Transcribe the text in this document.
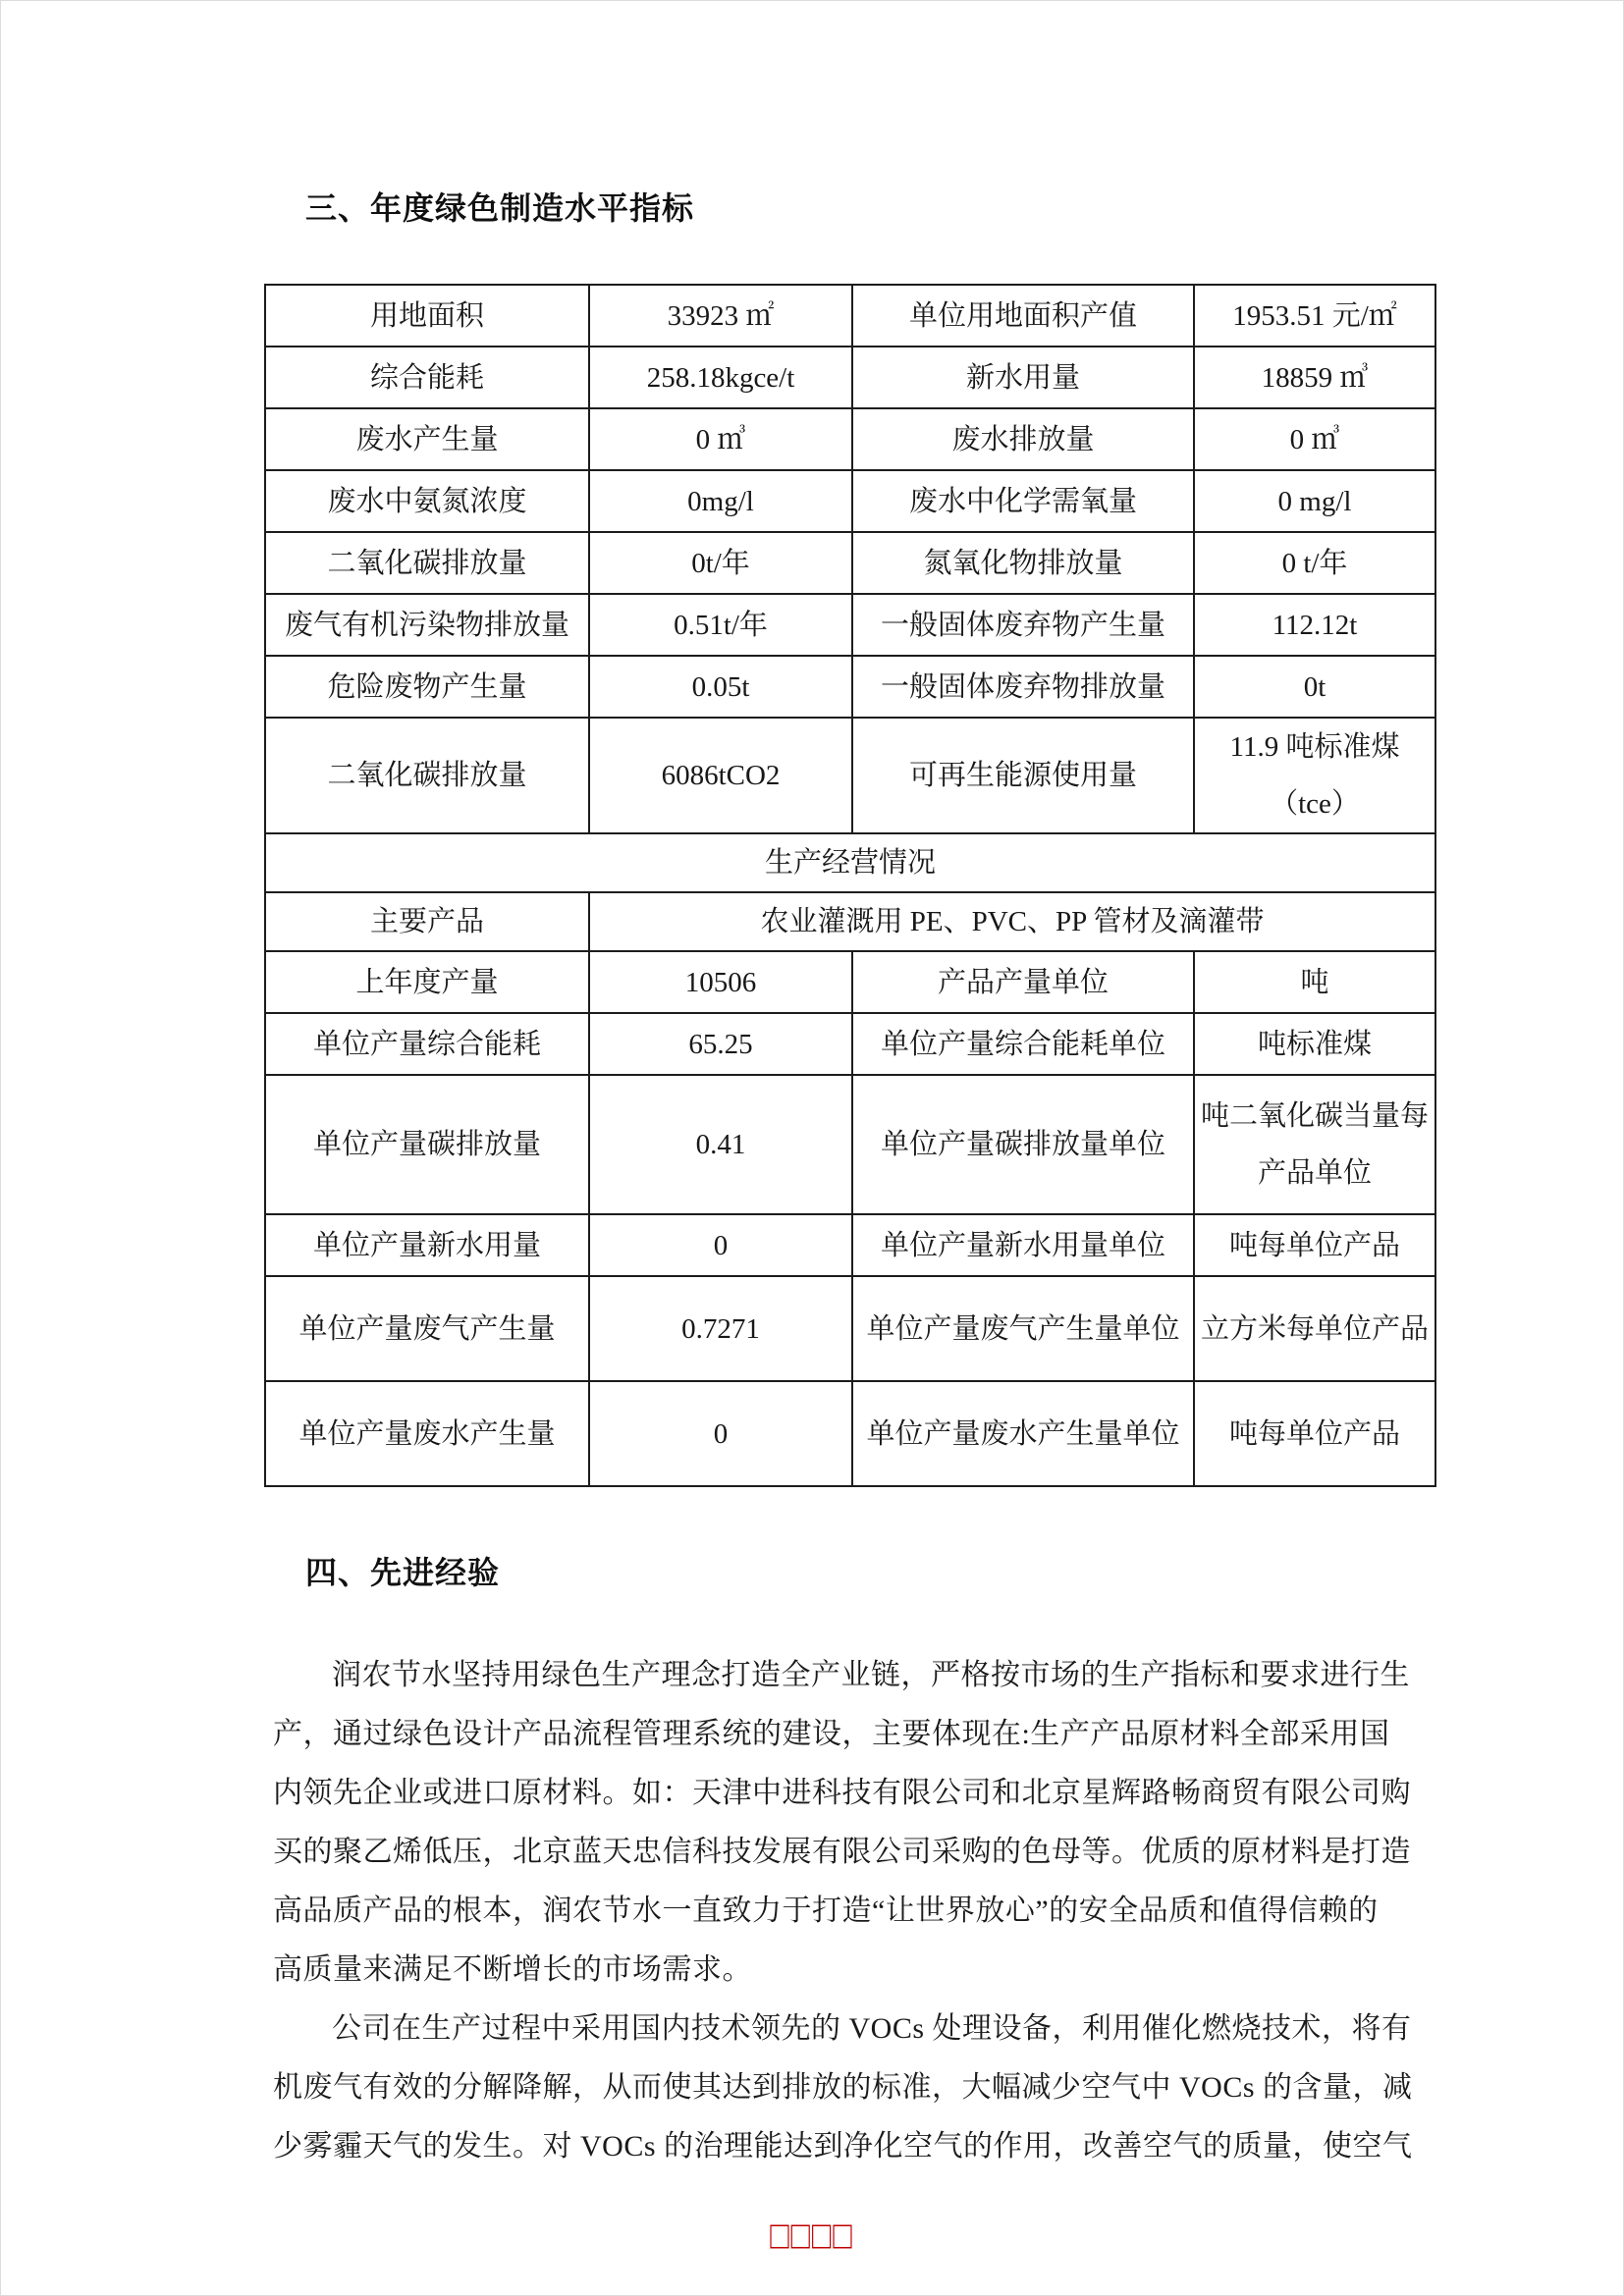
三、年度绿色制造水平指标
用地面积	33923 ㎡	单位用地面积产值	1953.51 元/㎡
综合能耗	258.18kgce/t	新水用量	18859 ㎥
废水产生量	0 ㎥	废水排放量	0 ㎥
废水中氨氮浓度	0mg/l	废水中化学需氧量	0 mg/l
二氧化碳排放量	0t/年	氮氧化物排放量	0 t/年
废气有机污染物排放量	0.51t/年	一般固体废弃物产生量	112.12t
危险废物产生量	0.05t	一般固体废弃物排放量	0t
二氧化碳排放量	6086tCO2	可再生能源使用量	11.9 吨标准煤（tce）
生产经营情况			
主要产品	农业灌溉用 PE、PVC、PP 管材及滴灌带		
上年度产量	10506	产品产量单位	吨
单位产量综合能耗	65.25	单位产量综合能耗单位	吨标准煤
单位产量碳排放量	0.41	单位产量碳排放量单位	吨二氧化碳当量每产品单位
单位产量新水用量	0	单位产量新水用量单位	吨每单位产品
单位产量废气产生量	0.7271	单位产量废气产生量单位	立方米每单位产品
单位产量废水产生量	0	单位产量废水产生量单位	吨每单位产品
四、先进经验
润农节水坚持用绿色生产理念打造全产业链，严格按市场的生产指标和要求进行生
产，通过绿色设计产品流程管理系统的建设，主要体现在:生产产品原材料全部采用国
内领先企业或进口原材料。如：天津中进科技有限公司和北京星辉路畅商贸有限公司购
买的聚乙烯低压，北京蓝天忠信科技发展有限公司采购的色母等。优质的原材料是打造
高品质产品的根本，润农节水一直致力于打造“让世界放心”的安全品质和值得信赖的
高质量来满足不断增长的市场需求。
公司在生产过程中采用国内技术领先的 VOCs 处理设备，利用催化燃烧技术，将有
机废气有效的分解降解，从而使其达到排放的标准，大幅减少空气中 VOCs 的含量，减
少雾霾天气的发生。对 VOCs 的治理能达到净化空气的作用，改善空气的质量，使空气
□□□□
